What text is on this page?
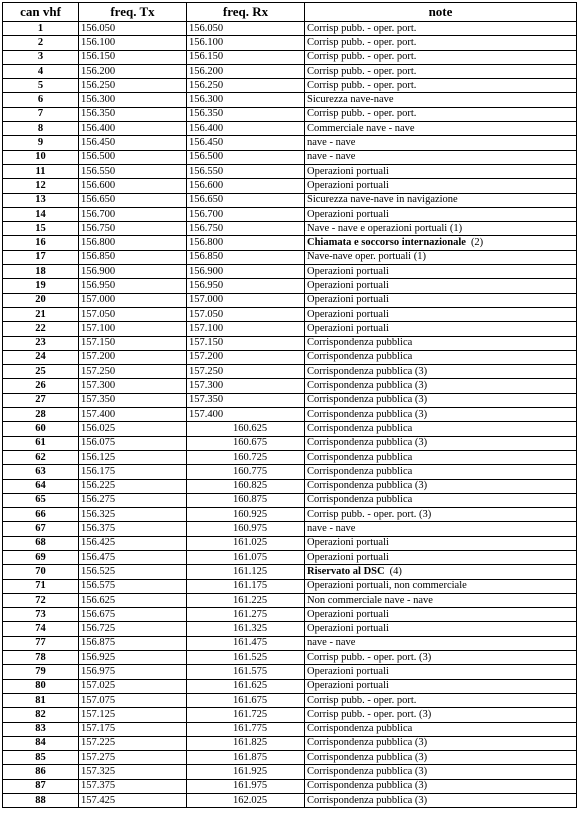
can vhf	freq. Tx	freq. Rx	note
1	156.050	156.050	Corrisp pubb. - oper. port.
2	156.100	156.100	Corrisp pubb. - oper. port.
3	156.150	156.150	Corrisp pubb. - oper. port.
4	156.200	156.200	Corrisp pubb. - oper. port.
5	156.250	156.250	Corrisp pubb. - oper. port.
6	156.300	156.300	Sicurezza nave-nave
7	156.350	156.350	Corrisp pubb. - oper. port.
8	156.400	156.400	Commerciale nave - nave
9	156.450	156.450	nave - nave
10	156.500	156.500	nave - nave
11	156.550	156.550	Operazioni portuali
12	156.600	156.600	Operazioni portuali
13	156.650	156.650	Sicurezza nave-nave in navigazione
14	156.700	156.700	Operazioni portuali
15	156.750	156.750	Nave - nave e operazioni portuali (1)
16	156.800	156.800	Chiamata e soccorso internazionale (2)
17	156.850	156.850	Nave-nave oper. portuali (1)
18	156.900	156.900	Operazioni portuali
19	156.950	156.950	Operazioni portuali
20	157.000	157.000	Operazioni portuali
21	157.050	157.050	Operazioni portuali
22	157.100	157.100	Operazioni portuali
23	157.150	157.150	Corrispondenza pubblica
24	157.200	157.200	Corrispondenza pubblica
25	157.250	157.250	Corrispondenza pubblica (3)
26	157.300	157.300	Corrispondenza pubblica (3)
27	157.350	157.350	Corrispondenza pubblica (3)
28	157.400	157.400	Corrispondenza pubblica (3)
60	156.025	160.625	Corrispondenza pubblica
61	156.075	160.675	Corrispondenza pubblica (3)
62	156.125	160.725	Corrispondenza pubblica
63	156.175	160.775	Corrispondenza pubblica
64	156.225	160.825	Corrispondenza pubblica (3)
65	156.275	160.875	Corrispondenza pubblica
66	156.325	160.925	Corrisp pubb. - oper. port. (3)
67	156.375	160.975	nave - nave
68	156.425	161.025	Operazioni portuali
69	156.475	161.075	Operazioni portuali
70	156.525	161.125	Riservato al DSC (4)
71	156.575	161.175	Operazioni portuali, non commerciale
72	156.625	161.225	Non commerciale nave - nave
73	156.675	161.275	Operazioni portuali
74	156.725	161.325	Operazioni portuali
77	156.875	161.475	nave - nave
78	156.925	161.525	Corrisp pubb. - oper. port. (3)
79	156.975	161.575	Operazioni portuali
80	157.025	161.625	Operazioni portuali
81	157.075	161.675	Corrisp pubb. - oper. port.
82	157.125	161.725	Corrisp pubb. - oper. port. (3)
83	157.175	161.775	Corrispondenza pubblica
84	157.225	161.825	Corrispondenza pubblica (3)
85	157.275	161.875	Corrispondenza pubblica (3)
86	157.325	161.925	Corrispondenza pubblica (3)
87	157.375	161.975	Corrispondenza pubblica (3)
88	157.425	162.025	Corrispondenza pubblica (3)
